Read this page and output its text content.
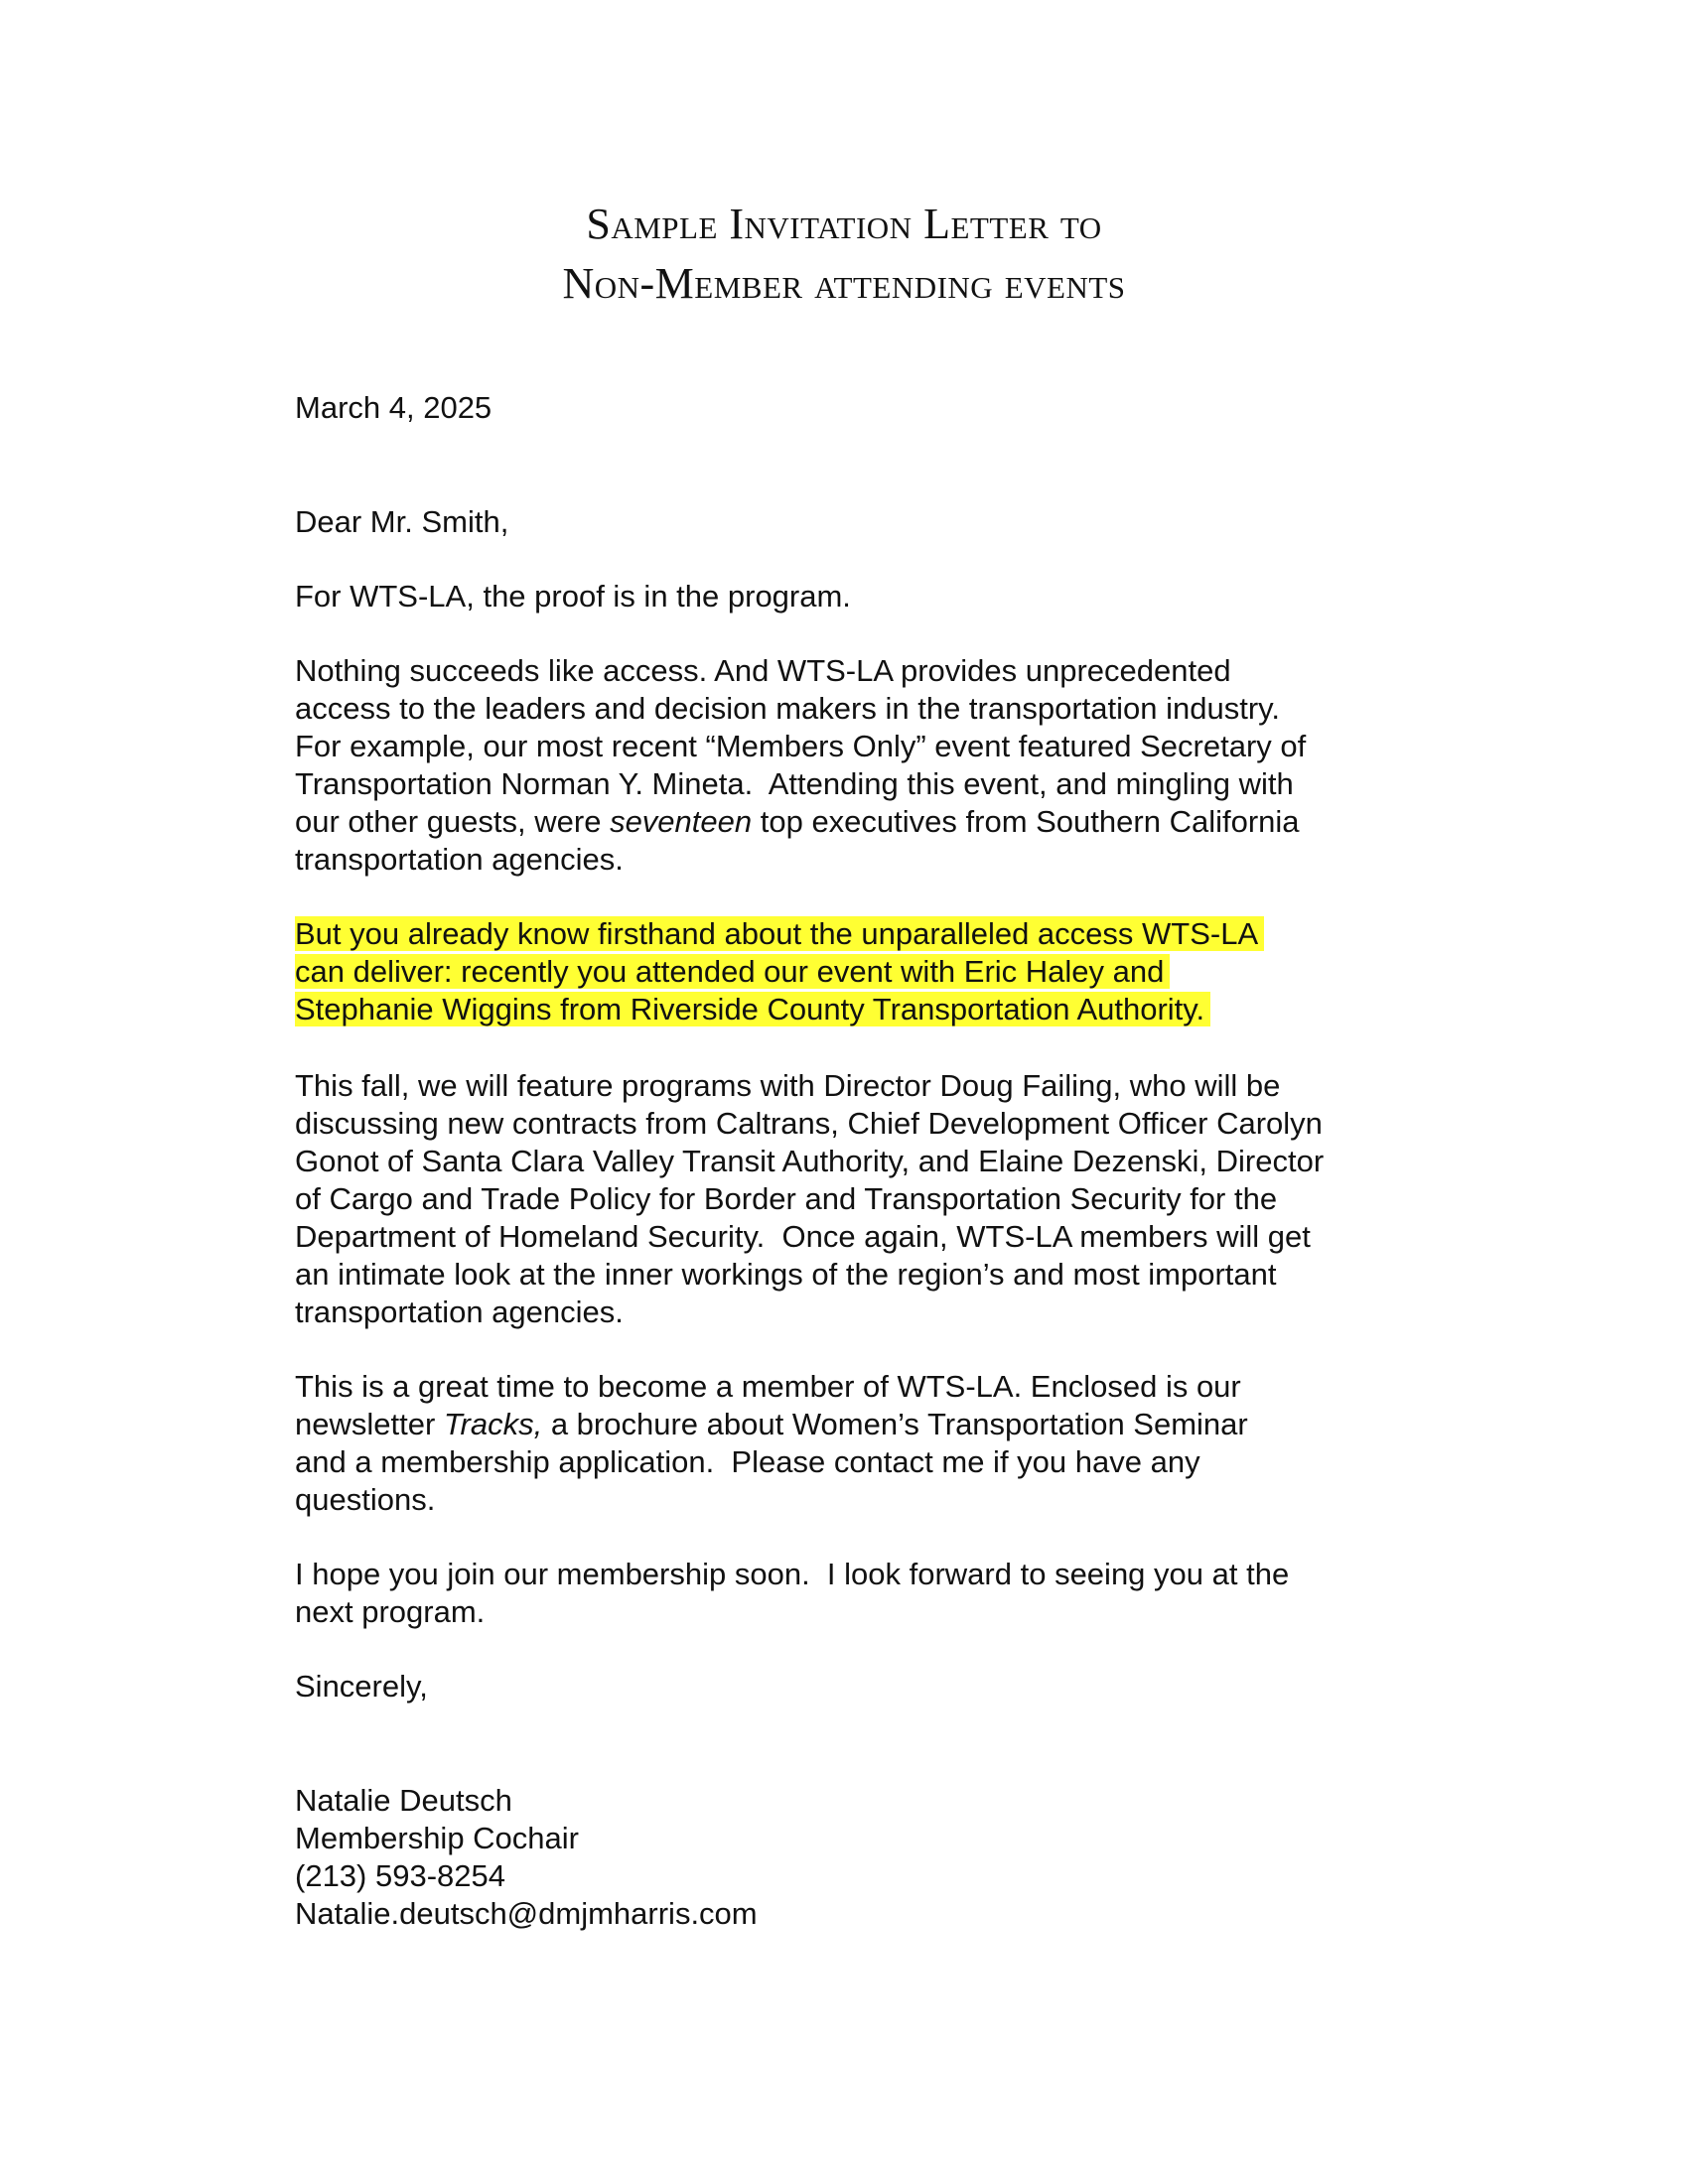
Sample Invitation Letter to
Non-Member attending events
March 4, 2025
Dear Mr. Smith,
For WTS-LA, the proof is in the program.
Nothing succeeds like access. And WTS-LA provides unprecedented
access to the leaders and decision makers in the transportation industry.
For example, our most recent “Members Only” event featured Secretary of
Transportation Norman Y. Mineta.  Attending this event, and mingling with
our other guests, were seventeen top executives from Southern California
transportation agencies.
But you already know firsthand about the unparalleled access WTS-LA
can deliver: recently you attended our event with Eric Haley and
Stephanie Wiggins from Riverside County Transportation Authority.
This fall, we will feature programs with Director Doug Failing, who will be
discussing new contracts from Caltrans, Chief Development Officer Carolyn
Gonot of Santa Clara Valley Transit Authority, and Elaine Dezenski, Director
of Cargo and Trade Policy for Border and Transportation Security for the
Department of Homeland Security.  Once again, WTS-LA members will get
an intimate look at the inner workings of the region’s and most important
transportation agencies.
This is a great time to become a member of WTS-LA. Enclosed is our
newsletter Tracks, a brochure about Women’s Transportation Seminar
and a membership application.  Please contact me if you have any
questions.
I hope you join our membership soon.  I look forward to seeing you at the
next program.
Sincerely,
Natalie Deutsch
Membership Cochair
(213) 593-8254
Natalie.deutsch@dmjmharris.com
